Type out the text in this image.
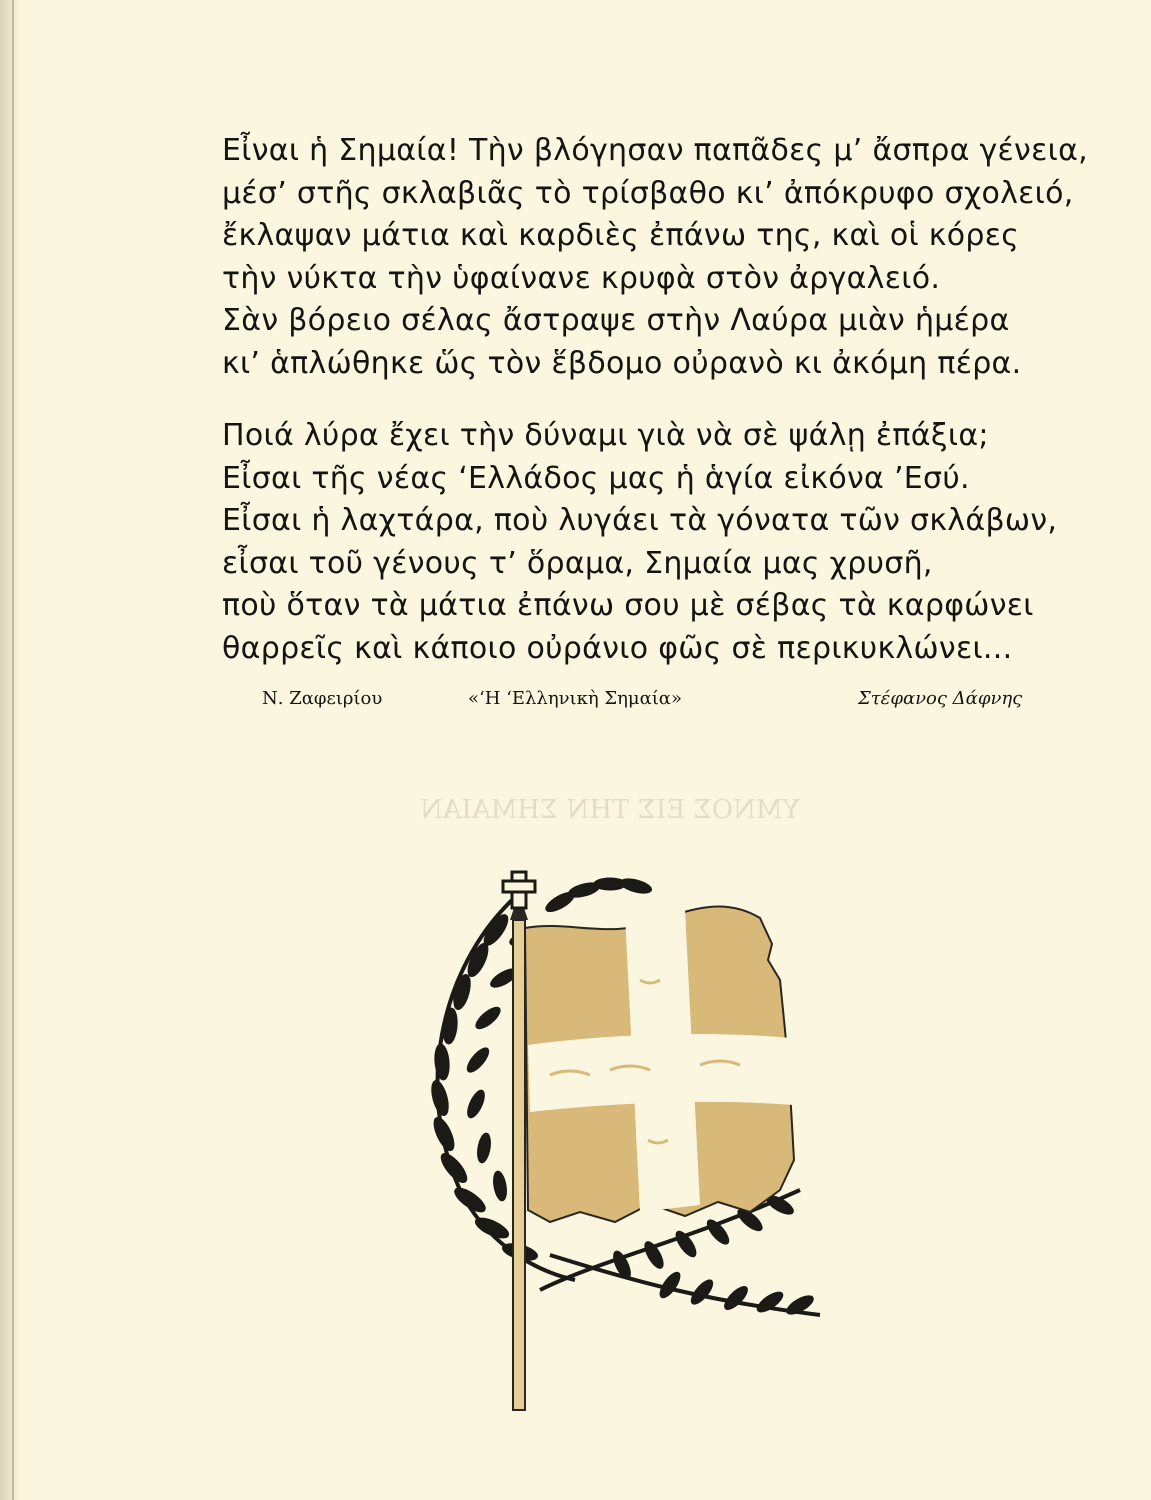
ΥΜΝΟΣ ΕΙΣ ΤΗΝ ΣΗΜΑΙΑΝ
Εἶναι ἡ Σημαία! Τὴν βλόγησαν παπᾶδες μ’ ἄσπρα γένεια,
μέσ’ στῆς σκλαβιᾶς τὸ τρίσβαθο κι’ ἀπόκρυφο σχολειό,
ἔκλαψαν μάτια καὶ καρδιὲς ἐπάνω της, καὶ οἱ κόρες
τὴν νύκτα τὴν ὑφαίνανε κρυφὰ στὸν ἀργαλειό.
Σὰν βόρειο σέλας ἄστραψε στὴν Λαύρα μιὰν ἡμέρα
κι’ ἁπλώθηκε ὥς τὸν ἕβδομο οὐρανὸ κι ἀκόμη πέρα.
Ποιά λύρα ἔχει τὴν δύναμι γιὰ νὰ σὲ ψάλῃ ἐπάξια;
Εἶσαι τῆς νέας ‘Ελλάδος μας ἡ ἁγία εἰκόνα ’Εσύ.
Εἶσαι ἡ λαχτάρα, ποὺ λυγάει τὰ γόνατα τῶν σκλάβων,
εἶσαι τοῦ γένους τ’ ὅραμα, Σημαία μας χρυσῆ,
ποὺ ὅταν τὰ μάτια ἐπάνω σου μὲ σέβας τὰ καρφώνει
θαρρεῖς καὶ κάποιο οὐράνιο φῶς σὲ περικυκλώνει...
Ν. Ζαφειρίου	«‘Η ‘Ελληνικὴ Σημαία»	Στέφανος Δάφνης
